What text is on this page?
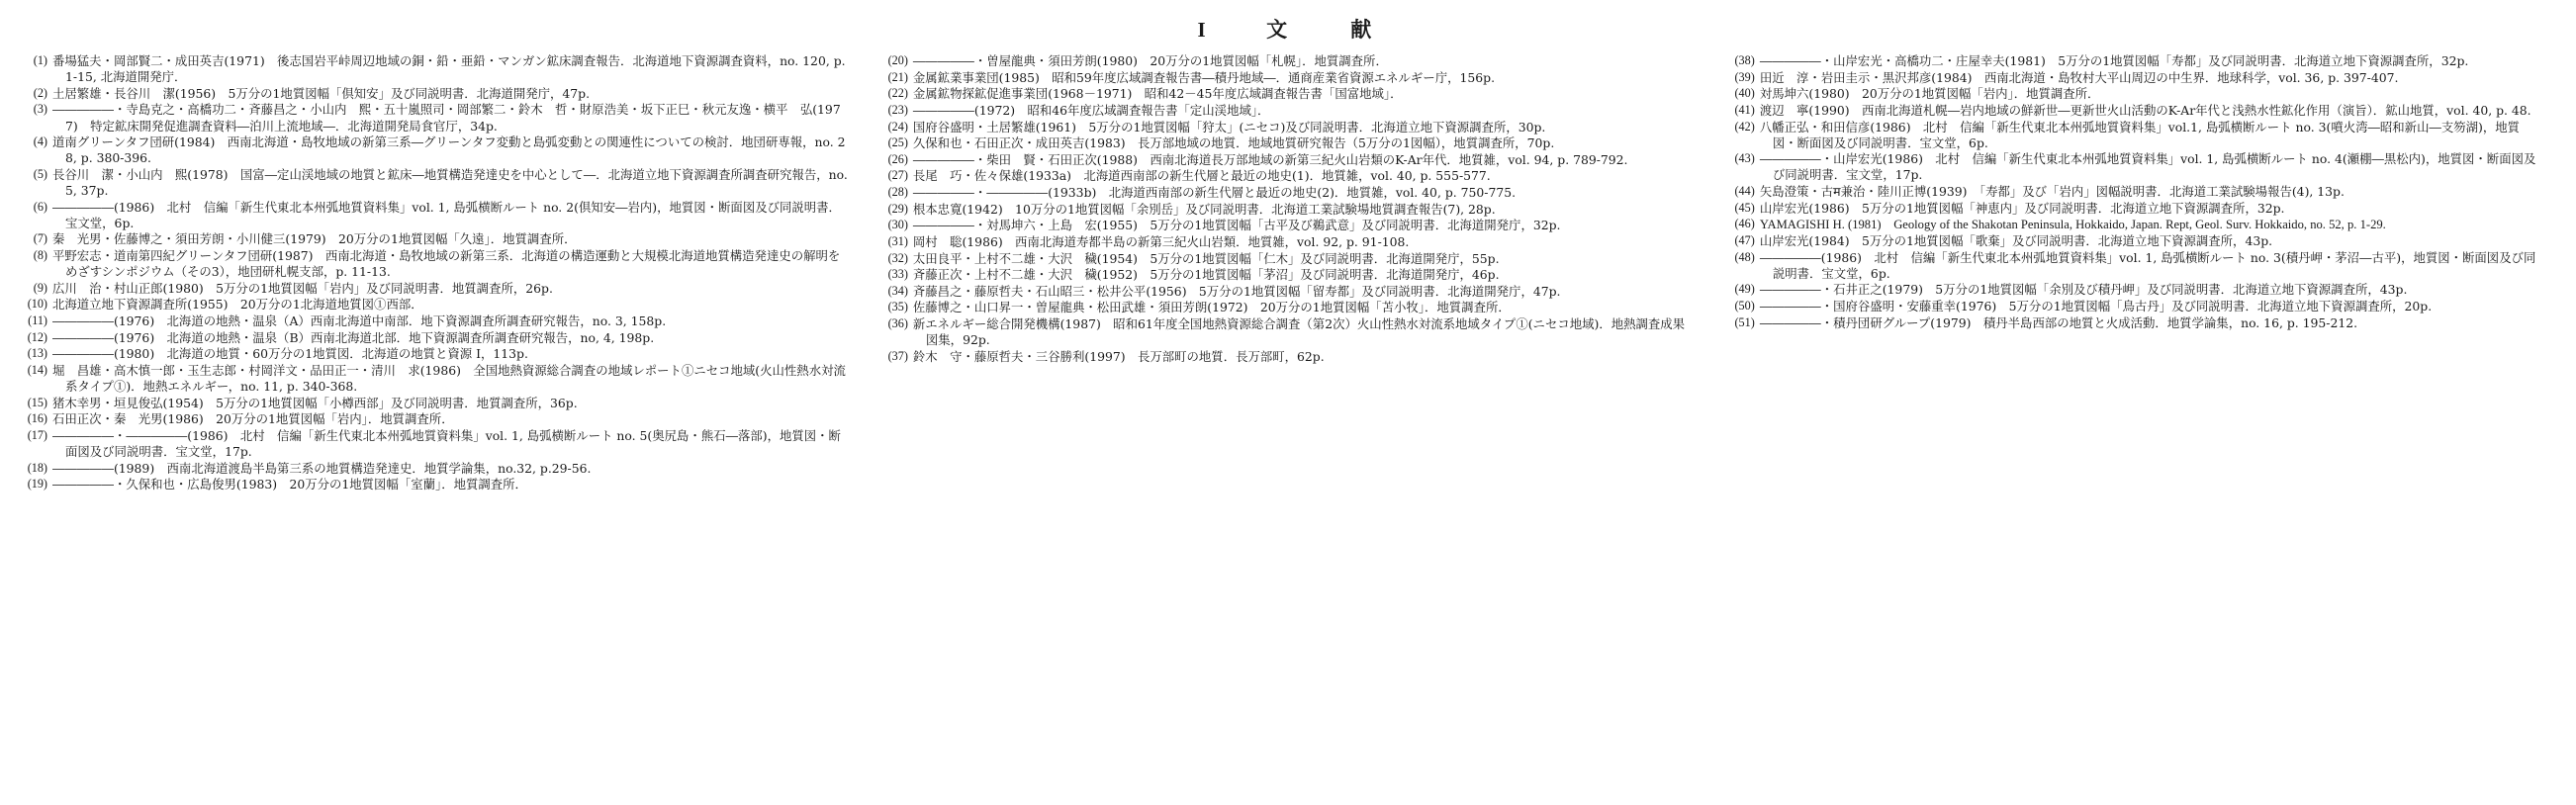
I	文　　献
(1) 番場猛夫・岡部賢二・成田英吉(1971)　後志国岩平峠周辺地域の銅・鉛・亜鉛・マンガン鉱床調査報告．北海道地下資源調査資料，no. 120, p. 1-15, 北海道開発庁．
(2) 土居繁雄・長谷川　潔(1956)　5万分の1地質図幅「倶知安」及び同説明書．北海道開発庁，47p.
(3) ―――――・寺島克之・高橋功二・斉藤昌之・小山内　熙・五十嵐照司・岡部繁二・鈴木　哲・財原浩美・坂下正巳・秋元友逸・横平　弘(1977)　特定鉱床開発促進調査資料―泊川上流地域―．北海道開発局食官厅，34p.
(4) 道南グリーンタフ団研(1984)　西南北海道・島牧地域の新第三系―グリーンタフ変動と島弧変動との関連性についての検討．地団研専報，no. 28, p. 380-396.
(5) 長谷川　潔・小山内　熙(1978)　国富―定山渓地域の地質と鉱床―地質構造発達史を中心として―．北海道立地下資源調査所調査研究報告，no. 5, 37p.
(6) ―――――(1986)　北村　信編「新生代東北本州弧地質資料集」vol. 1, 島弧横断ルート no. 2(倶知安―岩内)，地質図・断面図及び同説明書．宝文堂，6p.
(7) 秦　光男・佐藤博之・須田芳朗・小川健三(1979)　20万分の1地質図幅「久遠」．地質調査所．
(8) 平野宏志・道南第四紀グリーンタフ団研(1987)　西南北海道・島牧地域の新第三系．北海道の構造運動と大規模北海道地質構造発達史の解明をめざすシンポジウム（その3），地団研札幌支部，p. 11-13.
(9) 広川　治・村山正郎(1980)　5万分の1地質図幅「岩内」及び同説明書．地質調査所，26p.
(10) 北海道立地下資源調査所(1955)　20万分の1北海道地質図①西部．
(11) ―――――(1976)　北海道の地熱・温泉（A）西南北海道中南部．地下資源調査所調査研究報告，no. 3, 158p.
(12) ―――――(1976)　北海道の地熱・温泉（B）西南北海道北部．地下資源調査所調査研究報告，no, 4, 198p.
(13) ―――――(1980)　北海道の地質・60万分の1地質図．北海道の地質と資源 I，113p.
(14) 堀　昌雄・高木慎一郎・玉生志郎・村岡洋文・品田正一・清川　求(1986)　全国地熱資源総合調査の地域レポート①ニセコ地域(火山性熱水対流系タイプ①)．地熱エネルギー，no. 11, p. 340-368.
(15) 猪木幸男・垣見俊弘(1954)　5万分の1地質図幅「小樽西部」及び同説明書．地質調査所，36p.
(16) 石田正次・秦　光男(1986)　20万分の1地質図幅「岩内」．地質調査所．
(17) ―――――・―――――(1986)　北村　信編「新生代東北本州弧地質資料集」vol. 1, 島弧横断ルート no. 5(奥尻島・熊石―落部)，地質図・断面図及び同説明書．宝文堂，17p.
(18) ―――――(1989)　西南北海道渡島半島第三系の地質構造発達史．地質学論集，no.32, p.29-56.
(19) ―――――・久保和也・広島俊男(1983)　20万分の1地質図幅「室蘭」．地質調査所．
(20) ―――――・曽屋龍典・須田芳朗(1980)　20万分の1地質図幅「札幌」．地質調査所．
(21) 金属鉱業事業団(1985)　昭和59年度広域調査報告書―積丹地域―．通商産業省資源エネルギー庁，156p.
(22) 金属鉱物探鉱促進事業団(1968－1971)　昭和42－45年度広域調査報告書「国富地域」．
(23) ―――――(1972)　昭和46年度広域調査報告書「定山渓地域」．
(24) 国府谷盛明・土居繁雄(1961)　5万分の1地質図幅「狩太」(ニセコ)及び同説明書．北海道立地下資源調査所，30p.
(25) 久保和也・石田正次・成田英吉(1983)　長万部地域の地質．地域地質研究報告（5万分の1図幅），地質調査所，70p.
(26) ―――――・柴田　賢・石田正次(1988)　西南北海道長万部地域の新第三紀火山岩類のK-Ar年代．地質雑，vol. 94, p. 789-792.
(27) 長尾　巧・佐々保雄(1933a)　北海道西南部の新生代層と最近の地史(1)．地質雑，vol. 40, p. 555-577.
(28) ―――――・―――――(1933b)　北海道西南部の新生代層と最近の地史(2)．地質雑，vol. 40, p. 750-775.
(29) 根本忠寛(1942)　10万分の1地質図幅「余別岳」及び同説明書．北海道工業試験場地質調査報告(7), 28p.
(30) ―――――・対馬坤六・上島　宏(1955)　5万分の1地質図幅「古平及び鵜武意」及び同説明書．北海道開発庁，32p.
(31) 岡村　聡(1986)　西南北海道寿都半島の新第三紀火山岩類．地質雑，vol. 92, p. 91-108.
(32) 太田良平・上村不二雄・大沢　穢(1954)　5万分の1地質図幅「仁木」及び同説明書．北海道開発庁，55p.
(33) 斉藤正次・上村不二雄・大沢　穢(1952)　5万分の1地質図幅「茅沼」及び同説明書．北海道開発庁，46p.
(34) 斉藤昌之・藤原哲夫・石山昭三・松井公平(1956)　5万分の1地質図幅「留寿都」及び同説明書．北海道開発庁，47p.
(35) 佐藤博之・山口昇一・曽屋龍典・松田武雄・須田芳朗(1972)　20万分の1地質図幅「苫小牧」．地質調査所．
(36) 新エネルギー総合開発機構(1987)　昭和61年度全国地熱資源総合調査（第2次）火山性熱水対流系地域タイプ①(ニセコ地域)．地熱調査成果図集，92p.
(37) 鈴木　守・藤原哲夫・三谷勝利(1997)　長万部町の地質．長万部町，62p.
(38) ―――――・山岸宏光・高橋功二・庄屋幸夫(1981)　5万分の1地質図幅「寿都」及び同説明書．北海道立地下資源調査所，32p.
(39) 田近　淳・岩田圭示・黒沢邦彦(1984)　西南北海道・島牧村大平山周辺の中生界．地球科学，vol. 36, p. 397-407.
(40) 対馬坤六(1980)　20万分の1地質図幅「岩内」．地質調査所．
(41) 渡辺　寧(1990)　西南北海道札幌―岩内地域の鮮新世―更新世火山活動のK-Ar年代と浅熱水性鉱化作用（演旨）．鉱山地質，vol. 40, p. 48.
(42) 八幡正弘・和田信彦(1986)　北村　信編「新生代東北本州弧地質資料集」vol.1, 島弧横断ルート no. 3(噴火湾―昭和新山―支笏湖)，地質図・断面図及び同説明書．宝文堂，6p.
(43) ―――――・山岸宏光(1986)　北村　信編「新生代東北本州弧地質資料集」vol. 1, 島弧横断ルート no. 4(瀬棚―黒松内)，地質図・断面図及び同説明書．宝文堂，17p.
(44) 矢島澄策・古म兼治・陸川正博(1939)　「寿都」及び「岩内」図幅説明書．北海道工業試験場報告(4), 13p.
(45) 山岸宏光(1986)　5万分の1地質図幅「神恵内」及び同説明書．北海道立地下資源調査所，32p.
(46) YAMAGISHI H. (1981)　Geology of the Shakotan Peninsula, Hokkaido, Japan. Rept, Geol. Surv. Hokkaido, no. 52, p. 1-29.
(47) 山岸宏光(1984)　5万分の1地質図幅「歌棄」及び同説明書．北海道立地下資源調査所，43p.
(48) ―――――(1986)　北村　信編「新生代東北本州弧地質資料集」vol. 1, 島弧横断ルート no. 3(積丹岬・茅沼―古平)，地質図・断面図及び同説明書．宝文堂，6p.
(49) ―――――・石井正之(1979)　5万分の1地質図幅「余別及び積丹岬」及び同説明書．北海道立地下資源調査所，43p.
(50) ―――――・国府谷盛明・安藤重幸(1976)　5万分の1地質図幅「鳥古丹」及び同説明書．北海道立地下資源調査所，20p.
(51) ―――――・積丹団研グループ(1979)　積丹半島西部の地質と火成活動．地質学論集，no. 16, p. 195-212.
